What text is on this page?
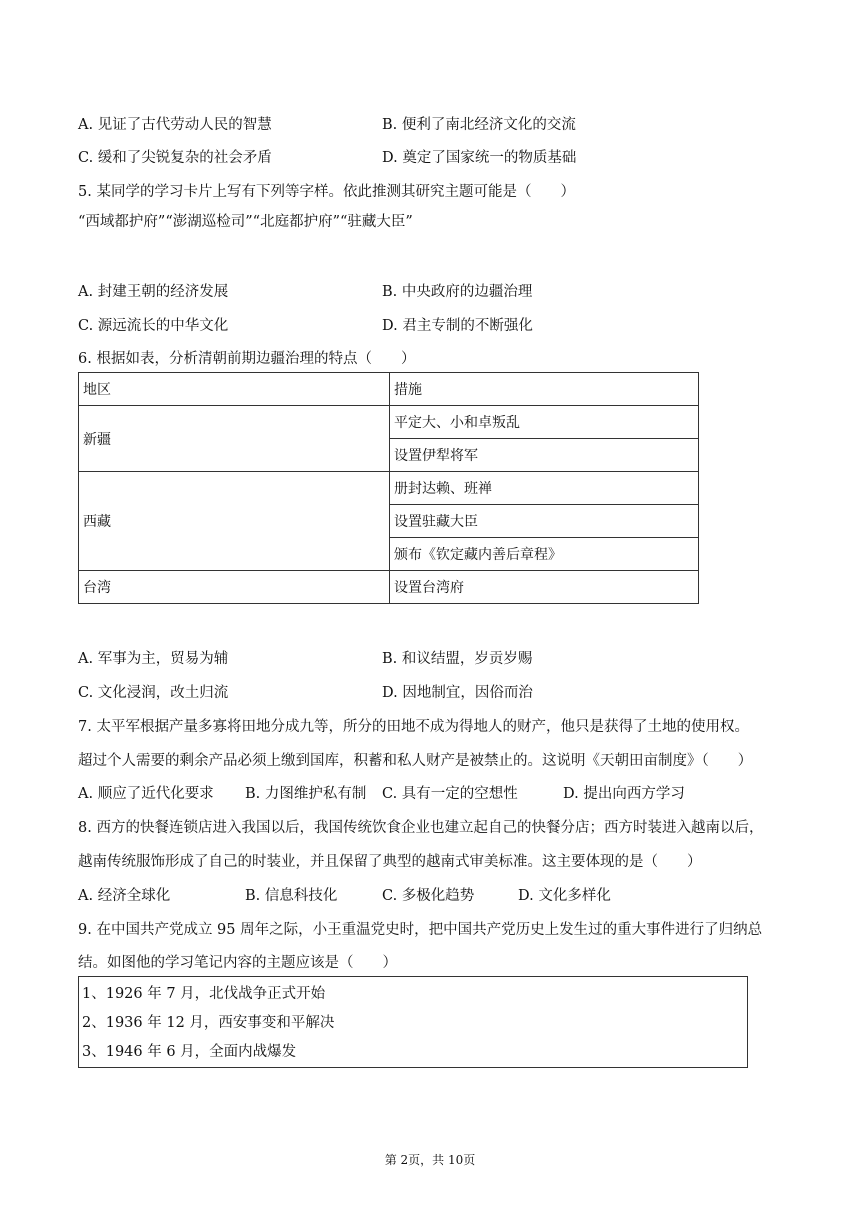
A. 见证了古代劳动人民的智慧	B. 便利了南北经济文化的交流
C. 缓和了尖锐复杂的社会矛盾	D. 奠定了国家统一的物质基础
5. 某同学的学习卡片上写有下列等字样。依此推测其研究主题可能是（　　）
“西域都护府”“澎湖巡检司”“北庭都护府”“驻藏大臣”
A. 封建王朝的经济发展	B. 中央政府的边疆治理
C. 源远流长的中华文化	D. 君主专制的不断强化
6. 根据如表，分析清朝前期边疆治理的特点（　　）
地区	措施
新疆	平定大、小和卓叛乱
	设置伊犁将军
西藏	册封达赖、班禅
	设置驻藏大臣
	颁布《钦定藏内善后章程》
台湾	设置台湾府
A. 军事为主，贸易为辅	B. 和议结盟，岁贡岁赐
C. 文化浸润，改土归流	D. 因地制宜，因俗而治
7. 太平军根据产量多寡将田地分成九等，所分的田地不成为得地人的财产，他只是获得了土地的使用权。
超过个人需要的剩余产品必须上缴到国库，积蓄和私人财产是被禁止的。这说明《天朝田亩制度》（　　）
A. 顺应了近代化要求 B. 力图维护私有制 C. 具有一定的空想性	D. 提出向西方学习
8. 西方的快餐连锁店进入我国以后，我国传统饮食企业也建立起自己的快餐分店；西方时装进入越南以后，
越南传统服饰形成了自己的时装业，并且保留了典型的越南式审美标准。这主要体现的是（　　）
A. 经济全球化	B. 信息科技化	C. 多极化趋势	D. 文化多样化
9. 在中国共产党成立 95 周年之际，小王重温党史时，把中国共产党历史上发生过的重大事件进行了归纳总
结。如图他的学习笔记内容的主题应该是（　　）
1、1926 年 7 月，北伐战争正式开始
2、1936 年 12 月，西安事变和平解决
3、1946 年 6 月，全面内战爆发
第 2页，共 10页
